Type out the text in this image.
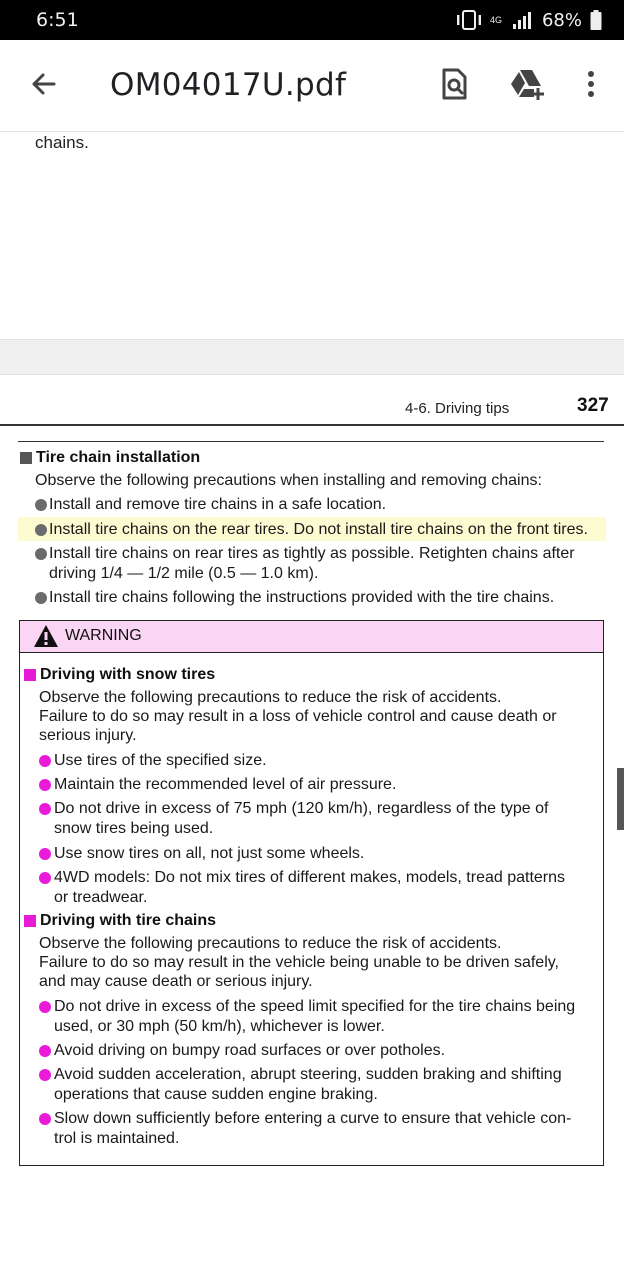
6:51	4G 68%
OM04017U.pdf
chains.
4-6. Driving tips	327
Tire chain installation
Observe the following precautions when installing and removing chains:
Install and remove tire chains in a safe location.
Install tire chains on the rear tires. Do not install tire chains on the front tires.
Install tire chains on rear tires as tightly as possible. Retighten chains after
driving 1/4 — 1/2 mile (0.5 — 1.0 km).
Install tire chains following the instructions provided with the tire chains.
WARNING
Driving with snow tires
Observe the following precautions to reduce the risk of accidents.
Failure to do so may result in a loss of vehicle control and cause death or
serious injury.
Use tires of the specified size.
Maintain the recommended level of air pressure.
Do not drive in excess of 75 mph (120 km/h), regardless of the type of
snow tires being used.
Use snow tires on all, not just some wheels.
4WD models: Do not mix tires of different makes, models, tread patterns
or treadwear.
Driving with tire chains
Observe the following precautions to reduce the risk of accidents.
Failure to do so may result in the vehicle being unable to be driven safely,
and may cause death or serious injury.
Do not drive in excess of the speed limit specified for the tire chains being
used, or 30 mph (50 km/h), whichever is lower.
Avoid driving on bumpy road surfaces or over potholes.
Avoid sudden acceleration, abrupt steering, sudden braking and shifting
operations that cause sudden engine braking.
Slow down sufficiently before entering a curve to ensure that vehicle con-
trol is maintained.
